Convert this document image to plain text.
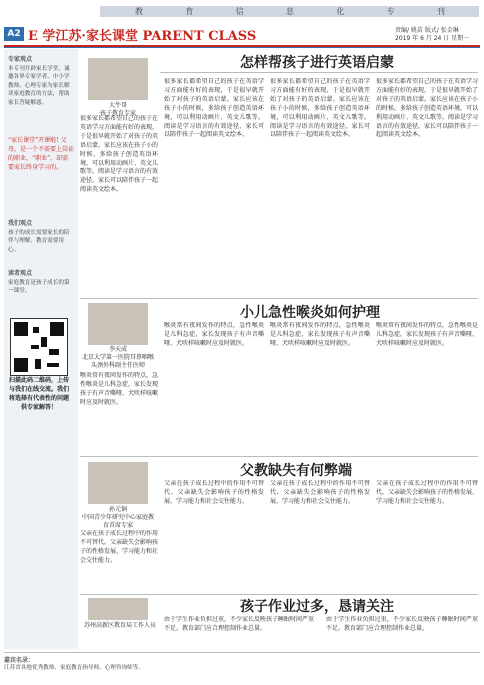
教	育	信	息	化	专	刊
A2 E 学江苏·家长课堂 PARENT CLASS	责编/ 姚苗 版式/ 张金琳
2019 年 6 月 24 日 星期一
专家观点
本专刊开辟家长学堂，诚邀各界专家学者、中小学教师、心理专家为家长解读家庭教育的方法，帮助家长答疑解惑。
“家长课堂”开课啦! 父母，是一个不需要上岗证的职业，“职业”，却需要家长终身学习的。
我们观点
孩子的成长需要家长的陪伴与理解，教育需要用心。
读者观点
家庭教育是孩子成长的第一课堂。
扫描此码二维码，上传与我们在线交流。我们将选择有代表性的问题供专家解答！
大牛哥
孩子教育专家
怎样帮孩子进行英语启蒙
很多家长都希望自己的孩子在英语学习方面能有好的表现，于是很早就开始了对孩子的英语启蒙。家长应该在孩子小的时候，多给孩子创造英语环境，可以利用动画片、英文儿歌等。阅读是学习语言的有效途径，家长可以陪伴孩子一起阅读英文绘本。
很多家长都希望自己的孩子在英语学习方面能有好的表现，于是很早就开始了对孩子的英语启蒙。家长应该在孩子小的时候，多给孩子创造英语环境，可以利用动画片、英文儿歌等。阅读是学习语言的有效途径，家长可以陪伴孩子一起阅读英文绘本。
很多家长都希望自己的孩子在英语学习方面能有好的表现，于是很早就开始了对孩子的英语启蒙。家长应该在孩子小的时候，多给孩子创造英语环境，可以利用动画片、英文儿歌等。阅读是学习语言的有效途径，家长可以陪伴孩子一起阅读英文绘本。
很多家长都希望自己的孩子在英语学习方面能有好的表现，于是很早就开始了对孩子的英语启蒙。家长应该在孩子小的时候，多给孩子创造英语环境，可以利用动画片、英文儿歌等。阅读是学习语言的有效途径，家长可以陪伴孩子一起阅读英文绘本。
李天成
北京大学第一医院耳鼻咽喉头颈外科副主任医师
小儿急性喉炎如何护理
喉炎常有夜间发作的特点，急性喉炎是儿科急症，家长发现孩子有声音嘶哑、犬吠样咳嗽时应及时就医。
喉炎常有夜间发作的特点，急性喉炎是儿科急症，家长发现孩子有声音嘶哑、犬吠样咳嗽时应及时就医。
喉炎常有夜间发作的特点，急性喉炎是儿科急症，家长发现孩子有声音嘶哑、犬吠样咳嗽时应及时就医。
喉炎常有夜间发作的特点，急性喉炎是儿科急症，家长发现孩子有声音嘶哑、犬吠样咳嗽时应及时就医。
孙元铜
中国青少年研究中心家庭教育首席专家
父教缺失有何弊端
父亲在孩子成长过程中的作用不可替代。父亲缺失会影响孩子的性格发展、学习能力和社会交往能力。
父亲在孩子成长过程中的作用不可替代。父亲缺失会影响孩子的性格发展、学习能力和社会交往能力。
父亲在孩子成长过程中的作用不可替代。父亲缺失会影响孩子的性格发展、学习能力和社会交往能力。
父亲在孩子成长过程中的作用不可替代。父亲缺失会影响孩子的性格发展、学习能力和社会交往能力。
苏州高新区教育局工作人员
孩子作业过多，恳请关注
由于学生作业负担过重，不少家长反映孩子睡眠时间严重不足。教育部门应合理控制作业总量。
由于学生作业负担过重，不少家长反映孩子睡眠时间严重不足。教育部门应合理控制作业总量。
嘉宾名录：
江苏省各地优秀教师、家庭教育指导师、心理咨询师等。
